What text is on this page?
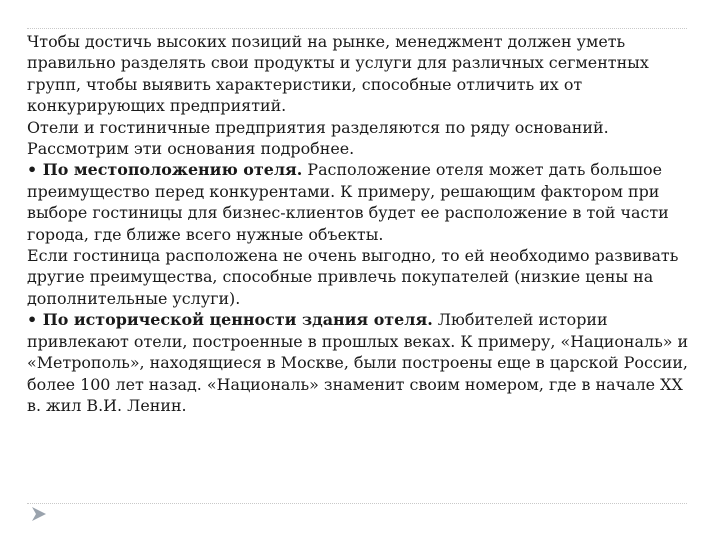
Чтобы достичь высоких позиций на рынке, менеджмент должен уметь правильно разделять свои продукты и услуги для различных сегментных групп, чтобы выявить характеристики, способные отличить их от конкурирующих предприятий.

Отели и гостиничные предприятия разделяются по ряду оснований. Рассмотрим эти основания подробнее.

• По местоположению отеля. Расположение отеля может дать большое преимущество перед конкурентами. К примеру, решающим фактором при выборе гостиницы для бизнес-клиентов будет ее расположение в той части города, где ближе всего нужные объекты.

Если гостиница расположена не очень выгодно, то ей необходимо развивать другие преимущества, способные привлечь покупателей (низкие цены на дополнительные услуги).

• По исторической ценности здания отеля. Любителей истории привлекают отели, построенные в прошлых веках. К примеру, «Националь» и «Метрополь», находящиеся в Москве, были построены еще в царской России, более 100 лет назад. «Националь» знаменит своим номером, где в начале XX в. жил В.И. Ленин.
